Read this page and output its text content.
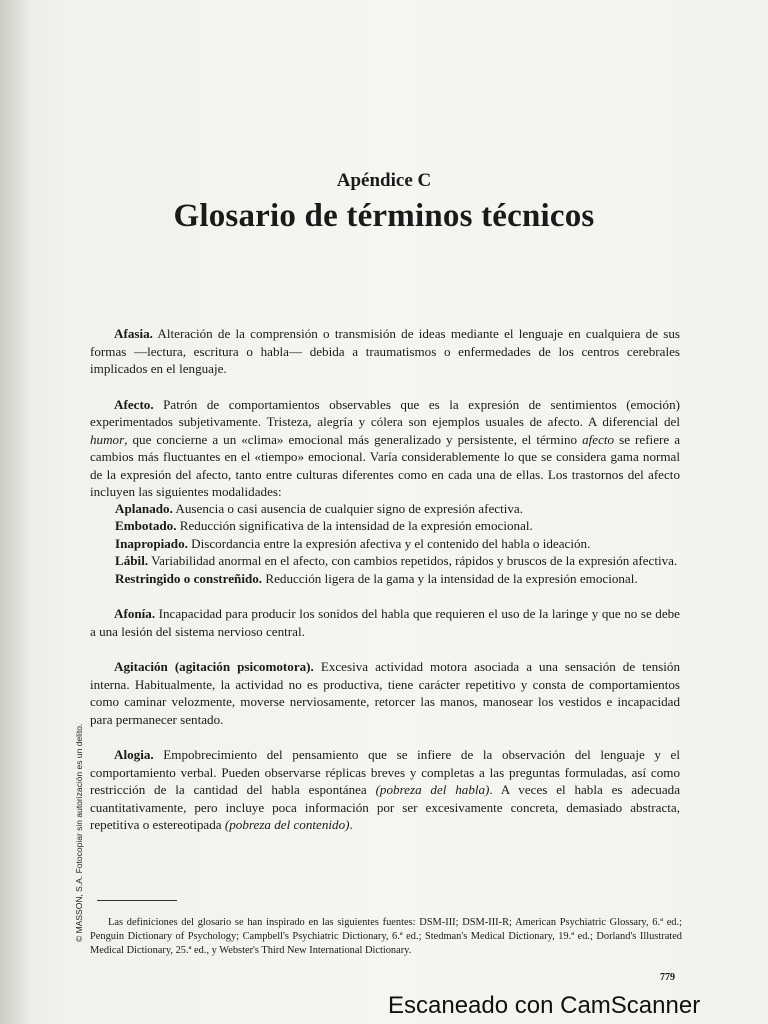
Apéndice C
Glosario de términos técnicos

Afasia. Alteración de la comprensión o transmisión de ideas mediante el lenguaje en cualquiera de sus formas —lectura, escritura o habla— debida a traumatismos o enfermedades de los centros cerebrales implicados en el lenguaje.

Afecto. Patrón de comportamientos observables que es la expresión de sentimientos (emoción) experimentados subjetivamente. Tristeza, alegría y cólera son ejemplos usuales de afecto. A diferencial del humor, que concierne a un «clima» emocional más generalizado y persistente, el término afecto se refiere a cambios más fluctuantes en el «tiempo» emocional. Varía considerablemente lo que se considera gama normal de la expresión del afecto, tanto entre culturas diferentes como en cada una de ellas. Los trastornos del afecto incluyen las siguientes modalidades:

Aplanado. Ausencia o casi ausencia de cualquier signo de expresión afectiva.

Embotado. Reducción significativa de la intensidad de la expresión emocional.

Inapropiado. Discordancia entre la expresión afectiva y el contenido del habla o ideación.

Lábil. Variabilidad anormal en el afecto, con cambios repetidos, rápidos y bruscos de la expresión afectiva.

Restringido o constreñido. Reducción ligera de la gama y la intensidad de la expresión emocional.

Afonía. Incapacidad para producir los sonidos del habla que requieren el uso de la laringe y que no se debe a una lesión del sistema nervioso central.

Agitación (agitación psicomotora). Excesiva actividad motora asociada a una sensación de tensión interna. Habitualmente, la actividad no es productiva, tiene carácter repetitivo y consta de comportamientos como caminar velozmente, moverse nerviosamente, retorcer las manos, manosear los vestidos e incapacidad para permanecer sentado.

Alogia. Empobrecimiento del pensamiento que se infiere de la observación del lenguaje y el comportamiento verbal. Pueden observarse réplicas breves y completas a las preguntas formuladas, así como restricción de la cantidad del habla espontánea (pobreza del habla). A veces el habla es adecuada cuantitativamente, pero incluye poca información por ser excesivamente concreta, demasiado abstracta, repetitiva o estereotipada (pobreza del contenido).

Las definiciones del glosario se han inspirado en las siguientes fuentes: DSM-III; DSM-III-R; American Psychiatric Glossary, 6.ª ed.; Penguin Dictionary of Psychology; Campbell's Psychiatric Dictionary, 6.ª ed.; Stedman's Medical Dictionary, 19.ª ed.; Dorland's Illustrated Medical Dictionary, 25.ª ed., y Webster's Third New International Dictionary.

779
© MASSON, S.A. Fotocopiar sin autorización es un delito.
Escaneado con CamScanner
